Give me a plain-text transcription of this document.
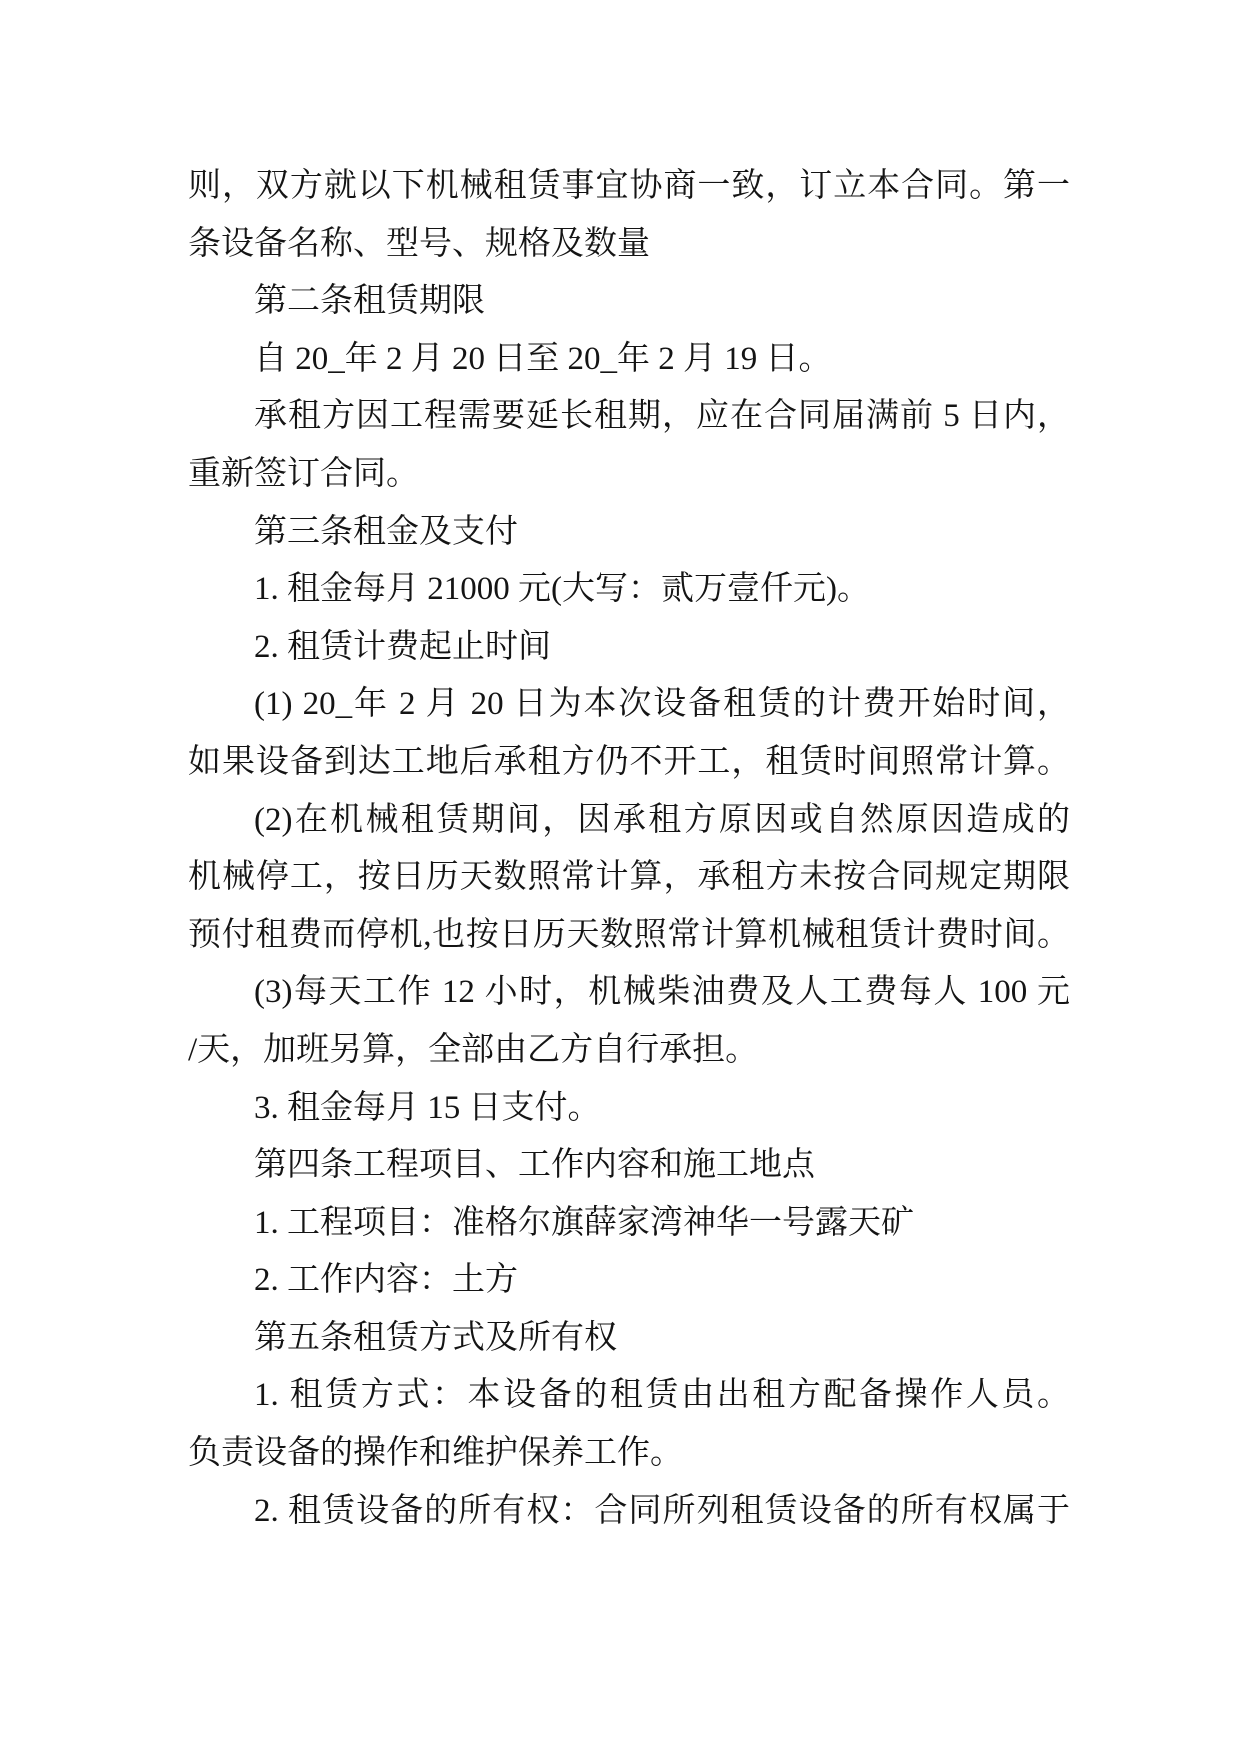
则，双方就以下机械租赁事宜协商一致，订立本合同。第一
条设备名称、型号、规格及数量
第二条租赁期限
自 20_年 2 月 20 日至 20_年 2 月 19 日。
承租方因工程需要延长租期，应在合同届满前 5 日内，
重新签订合同。
第三条租金及支付
1. 租金每月 21000 元(大写：贰万壹仟元)。
2. 租赁计费起止时间
(1) 20_年 2 月 20 日为本次设备租赁的计费开始时间，
如果设备到达工地后承租方仍不开工，租赁时间照常计算。
(2)在机械租赁期间，因承租方原因或自然原因造成的
机械停工，按日历天数照常计算，承租方未按合同规定期限
预付租费而停机,也按日历天数照常计算机械租赁计费时间。
(3)每天工作 12 小时，机械柴油费及人工费每人 100 元
/天，加班另算，全部由乙方自行承担。
3. 租金每月 15 日支付。
第四条工程项目、工作内容和施工地点
1. 工程项目：准格尔旗薛家湾神华一号露天矿
2. 工作内容：土方
第五条租赁方式及所有权
1. 租赁方式：本设备的租赁由出租方配备操作人员。
负责设备的操作和维护保养工作。
2. 租赁设备的所有权：合同所列租赁设备的所有权属于
